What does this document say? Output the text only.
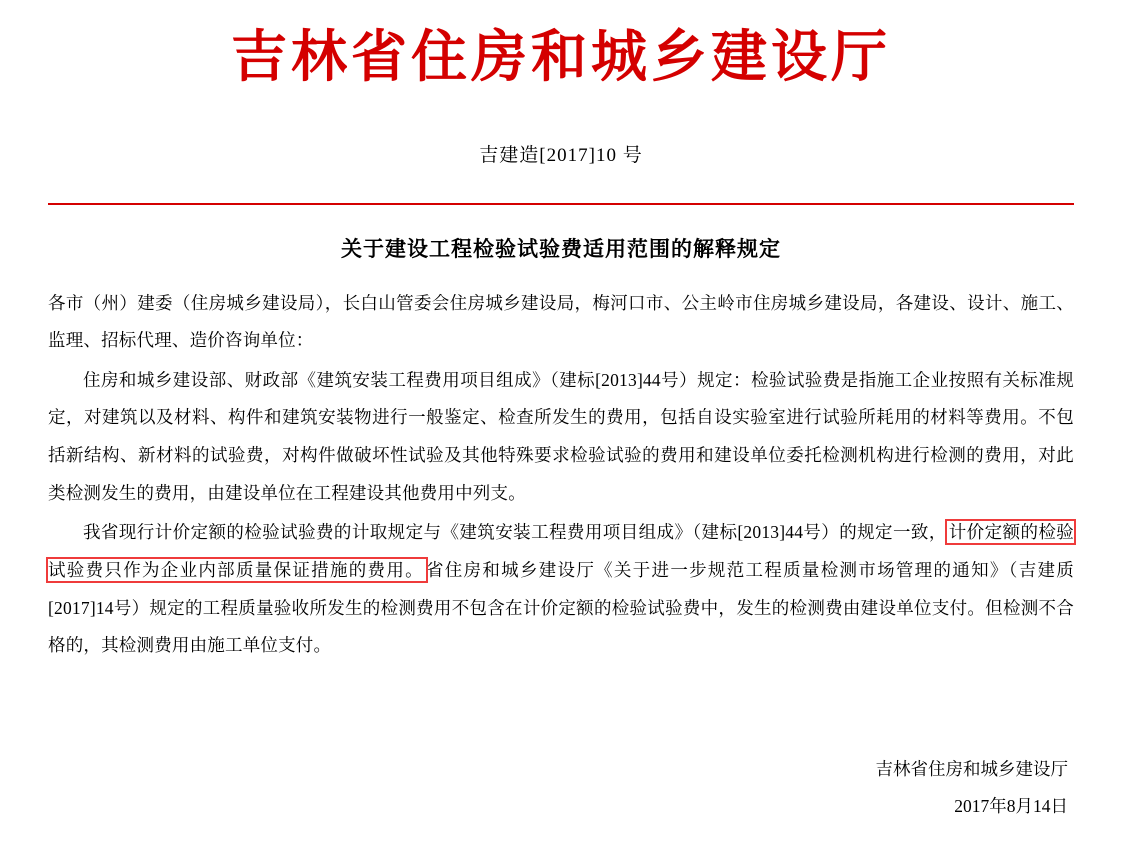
吉林省住房和城乡建设厅
吉建造[2017]10 号
关于建设工程检验试验费适用范围的解释规定

各市（州）建委（住房城乡建设局），长白山管委会住房城乡建设局，梅河口市、公主岭市住房城乡建设局，各建设、设计、施工、监理、招标代理、造价咨询单位：

住房和城乡建设部、财政部《建筑安装工程费用项目组成》（建标[2013]44号）规定：检验试验费是指施工企业按照有关标准规定，对建筑以及材料、构件和建筑安装物进行一般鉴定、检查所发生的费用，包括自设实验室进行试验所耗用的材料等费用。不包括新结构、新材料的试验费，对构件做破坏性试验及其他特殊要求检验试验的费用和建设单位委托检测机构进行检测的费用，对此类检测发生的费用，由建设单位在工程建设其他费用中列支。

我省现行计价定额的检验试验费的计取规定与《建筑安装工程费用项目组成》（建标[2013]44号）的规定一致， 计价定额的检验试验费只作为企业内部质量保证措施的费用。 省住房和城乡建设厅《关于进一步规范工程质量检测市场管理的通知》（吉建质[2017]14号）规定的工程质量验收所发生的检测费用不包含在计价定额的检验试验费中，发生的检测费由建设单位支付。但检测不合格的，其检测费用由施工单位支付。

吉林省住房和城乡建设厅
2017年8月14日
